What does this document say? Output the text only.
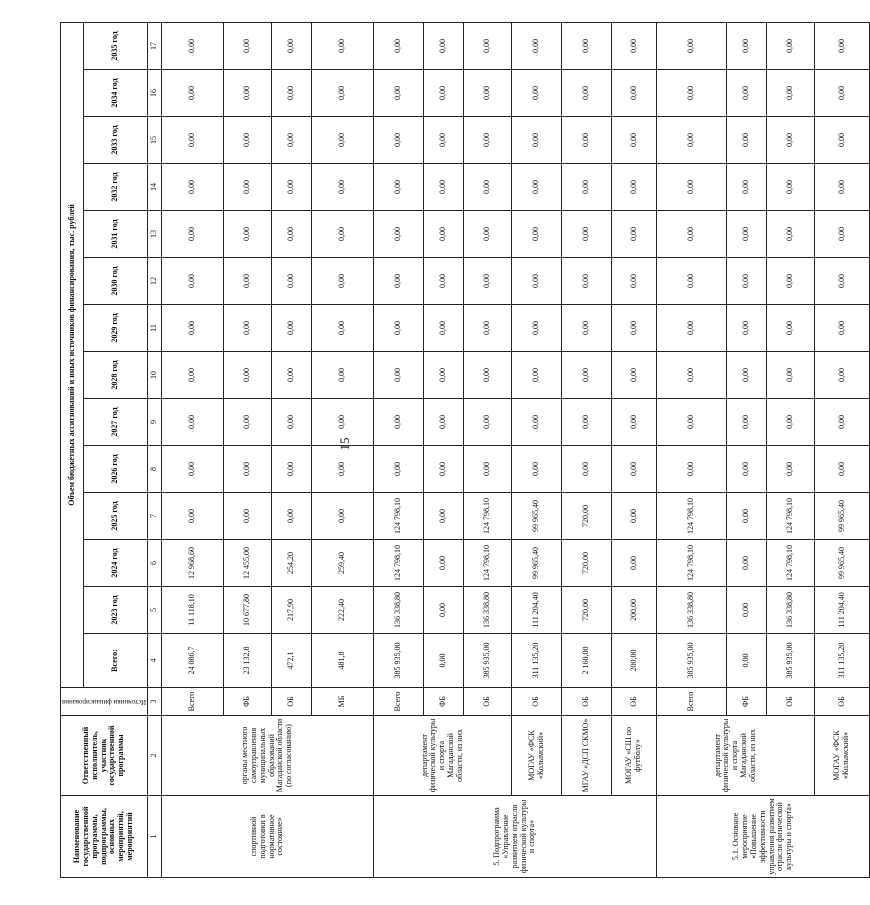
15
Наименование государственной программы, подпрограммы, основных мероприятий, мероприятий	Ответственный исполнитель, участник государственной программы	Источники финансирования	Объем бюджетных ассигнований и иных источников финансирования, тыс. рублей													
			Всего:	2023 год	2024 год	2025 год	2026 год	2027 год	2028 год	2029 год	2030 год	2031 год	2032 год	2033 год	2034 год	2035 год
1	2	3	4	5	6	7	8	9	10	11	12	13	14	15	16	17
спортивной подготовки в нормативное состояние»	органы местного самоуправления муниципальных образований Магаданской области (по согласованию)	Всего	24 086,7	11 118,10	12 968,60	0,00	0,00	0,00	0,00	0,00	0,00	0,00	0,00	0,00	0,00	0,00
		ФБ	23 132,8	10 677,80	12 455,00	0,00	0,00	0,00	0,00	0,00	0,00	0,00	0,00	0,00	0,00	0,00
		ОБ	472,1	217,90	254,20	0,00	0,00	0,00	0,00	0,00	0,00	0,00	0,00	0,00	0,00	0,00
		МБ	481,8	222,40	259,40	0,00	0,00	0,00	0,00	0,00	0,00	0,00	0,00	0,00	0,00	0,00
5. Подпрограмма «Управление развитием отрасли физической культуры и спорта»	департамент физической культуры и спорта Магаданской области, из них	Всего	385 935,00	136 338,80	124 798,10	124 798,10	0,00	0,00	0,00	0,00	0,00	0,00	0,00	0,00	0,00	0,00
		ФБ	0,00	0,00	0,00	0,00	0,00	0,00	0,00	0,00	0,00	0,00	0,00	0,00	0,00	0,00
		ОБ	385 935,00	136 338,80	124 798,10	124 798,10	0,00	0,00	0,00	0,00	0,00	0,00	0,00	0,00	0,00	0,00
	МОГАУ «ФСК «Колымский»	ОБ	311 135,20	111 204,40	99 965,40	99 965,40	0,00	0,00	0,00	0,00	0,00	0,00	0,00	0,00	0,00	0,00
	МГАУ «ДСП СКМО»	ОБ	2 160,00	720,00	720,00	720,00	0,00	0,00	0,00	0,00	0,00	0,00	0,00	0,00	0,00	0,00
	МОГАУ «СШ по футболу»	ОБ	200,00	200,00	0,00	0,00	0,00	0,00	0,00	0,00	0,00	0,00	0,00	0,00	0,00	0,00
5.1. Основное мероприятие «Повышение эффективности управления развитием отрасли физической культуры и спорта»	департамент физической культуры и спорта Магаданской области, из них	Всего	385 935,00	136 338,80	124 798,10	124 798,10	0,00	0,00	0,00	0,00	0,00	0,00	0,00	0,00	0,00	0,00
		ФБ	0,00	0,00	0,00	0,00	0,00	0,00	0,00	0,00	0,00	0,00	0,00	0,00	0,00	0,00
		ОБ	385 935,00	136 338,80	124 798,10	124 798,10	0,00	0,00	0,00	0,00	0,00	0,00	0,00	0,00	0,00	0,00
	МОГАУ «ФСК «Колымский»	ОБ	311 135,20	111 204,40	99 965,40	99 965,40	0,00	0,00	0,00	0,00	0,00	0,00	0,00	0,00	0,00	0,00
